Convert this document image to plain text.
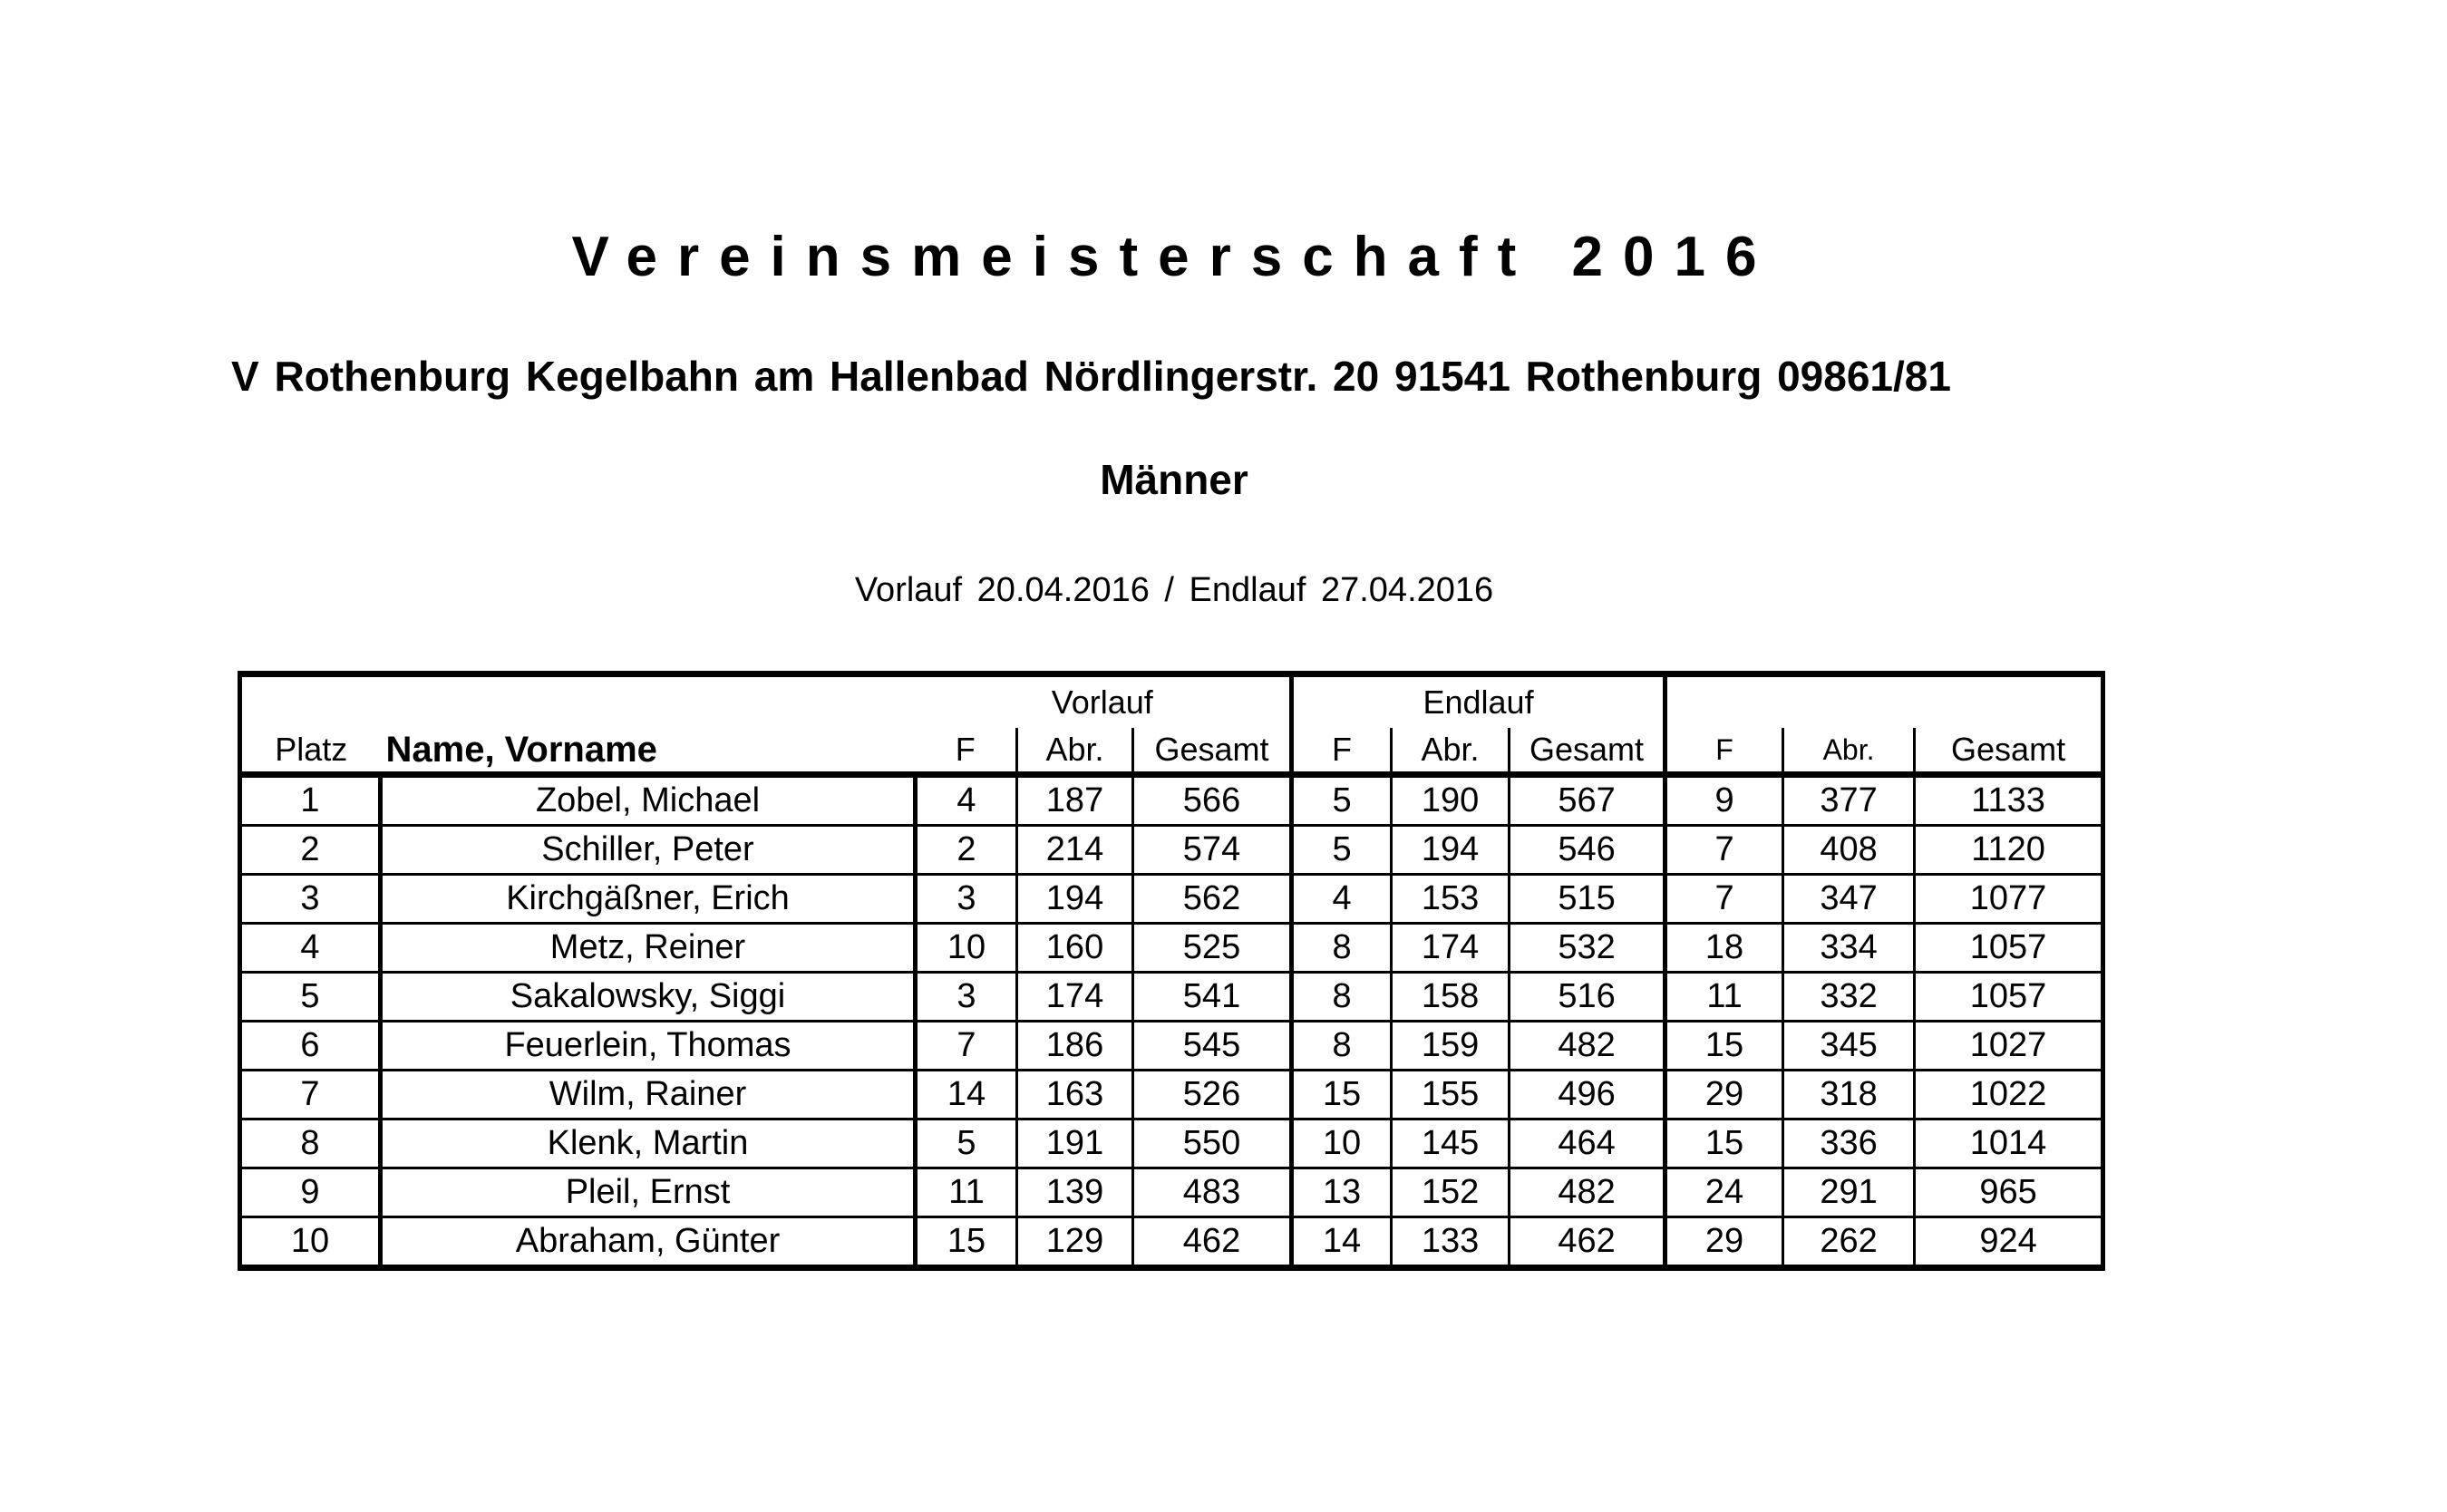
Vereinsmeisterschaft 2016
V Rothenburg Kegelbahn am Hallenbad Nördlingerstr. 20 91541 Rothenburg 09861/81
Männer
Vorlauf 20.04.2016 / Endlauf 27.04.2016
		Vorlauf			Endlauf					
Platz	Name, Vorname	F	Abr.	Gesamt	F	Abr.	Gesamt	F	Abr.	Gesamt
1	Zobel, Michael	4	187	566	5	190	567	9	377	1133
2	Schiller, Peter	2	214	574	5	194	546	7	408	1120
3	Kirchgäßner, Erich	3	194	562	4	153	515	7	347	1077
4	Metz, Reiner	10	160	525	8	174	532	18	334	1057
5	Sakalowsky, Siggi	3	174	541	8	158	516	11	332	1057
6	Feuerlein, Thomas	7	186	545	8	159	482	15	345	1027
7	Wilm, Rainer	14	163	526	15	155	496	29	318	1022
8	Klenk, Martin	5	191	550	10	145	464	15	336	1014
9	Pleil, Ernst	11	139	483	13	152	482	24	291	965
10	Abraham, Günter	15	129	462	14	133	462	29	262	924
